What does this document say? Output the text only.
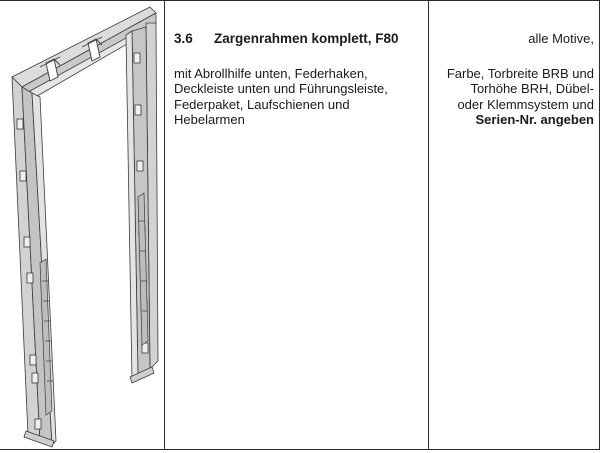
3.6	Zargenrahmen komplett, F80
mit Abrollhilfe unten, Federhaken,
Deckleiste unten und Führungsleiste,
Federpaket, Laufschienen und
Hebelarmen
alle Motive,
Farbe, Torbreite BRB und
Torhöhe BRH, Dübel-
oder Klemmsystem und
Serien-Nr. angeben
